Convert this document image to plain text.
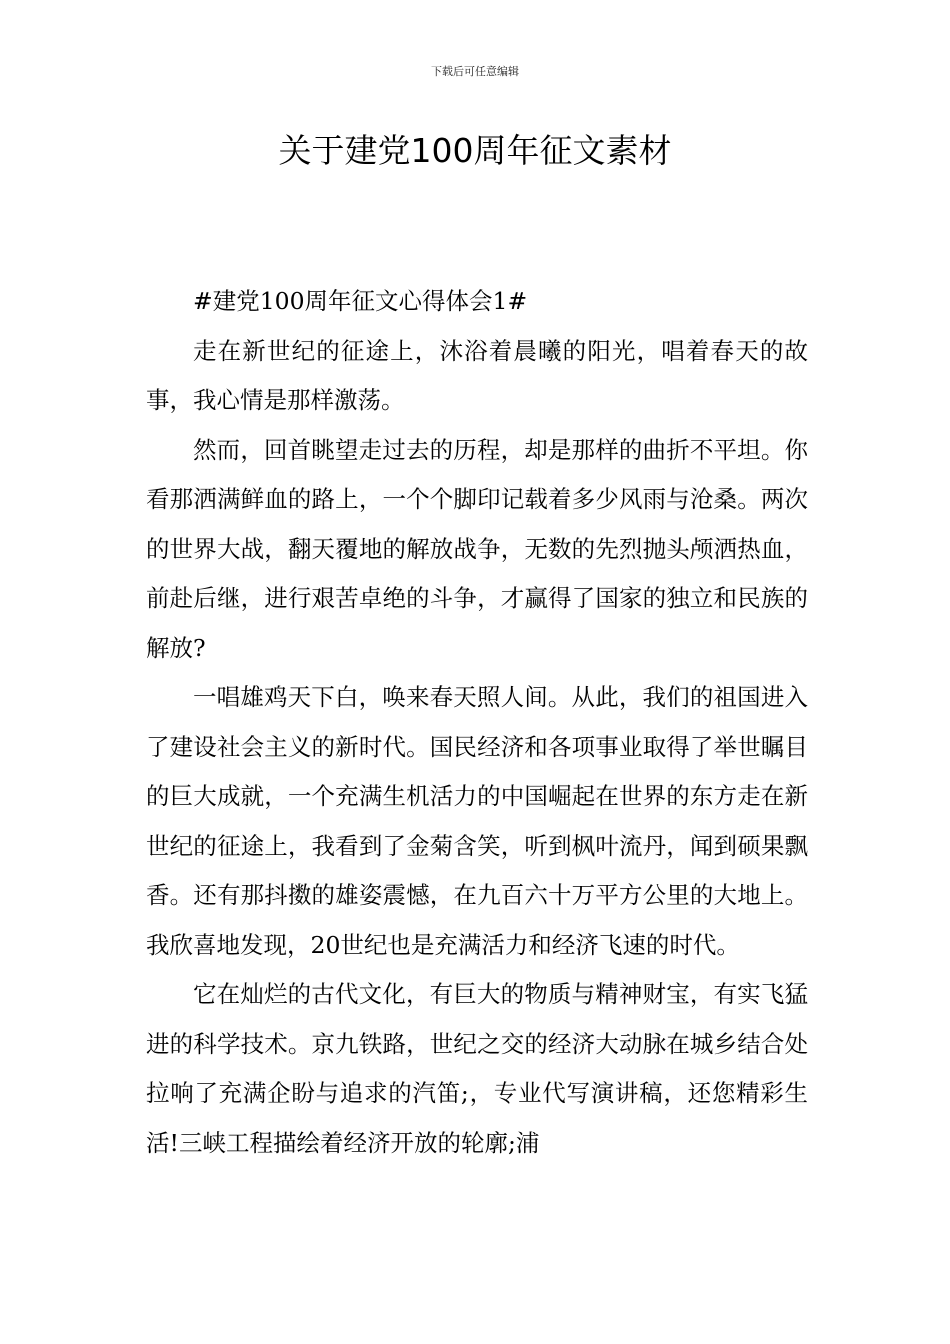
下载后可任意编辑
关于建党100周年征文素材

#建党100周年征文心得体会1#

走在新世纪的征途上，沐浴着晨曦的阳光，唱着春天的故事，我心情是那样激荡。

然而，回首眺望走过去的历程，却是那样的曲折不平坦。你看那洒满鲜血的路上，一个个脚印记载着多少风雨与沧桑。两次的世界大战，翻天覆地的解放战争，无数的先烈抛头颅洒热血，前赴后继，进行艰苦卓绝的斗争，才赢得了国家的独立和民族的解放?

一唱雄鸡天下白，唤来春天照人间。从此，我们的祖国进入了建设社会主义的新时代。国民经济和各项事业取得了举世瞩目的巨大成就，一个充满生机活力的中国崛起在世界的东方走在新世纪的征途上，我看到了金菊含笑，听到枫叶流丹，闻到硕果飘香。还有那抖擞的雄姿震憾，在九百六十万平方公里的大地上。我欣喜地发现，20世纪也是充满活力和经济飞速的时代。

它在灿烂的古代文化，有巨大的物质与精神财宝，有实飞猛进的科学技术。京九铁路，世纪之交的经济大动脉在城乡结合处拉响了充满企盼与追求的汽笛;，专业代写演讲稿，还您精彩生活!三峡工程描绘着经济开放的轮廓;浦
